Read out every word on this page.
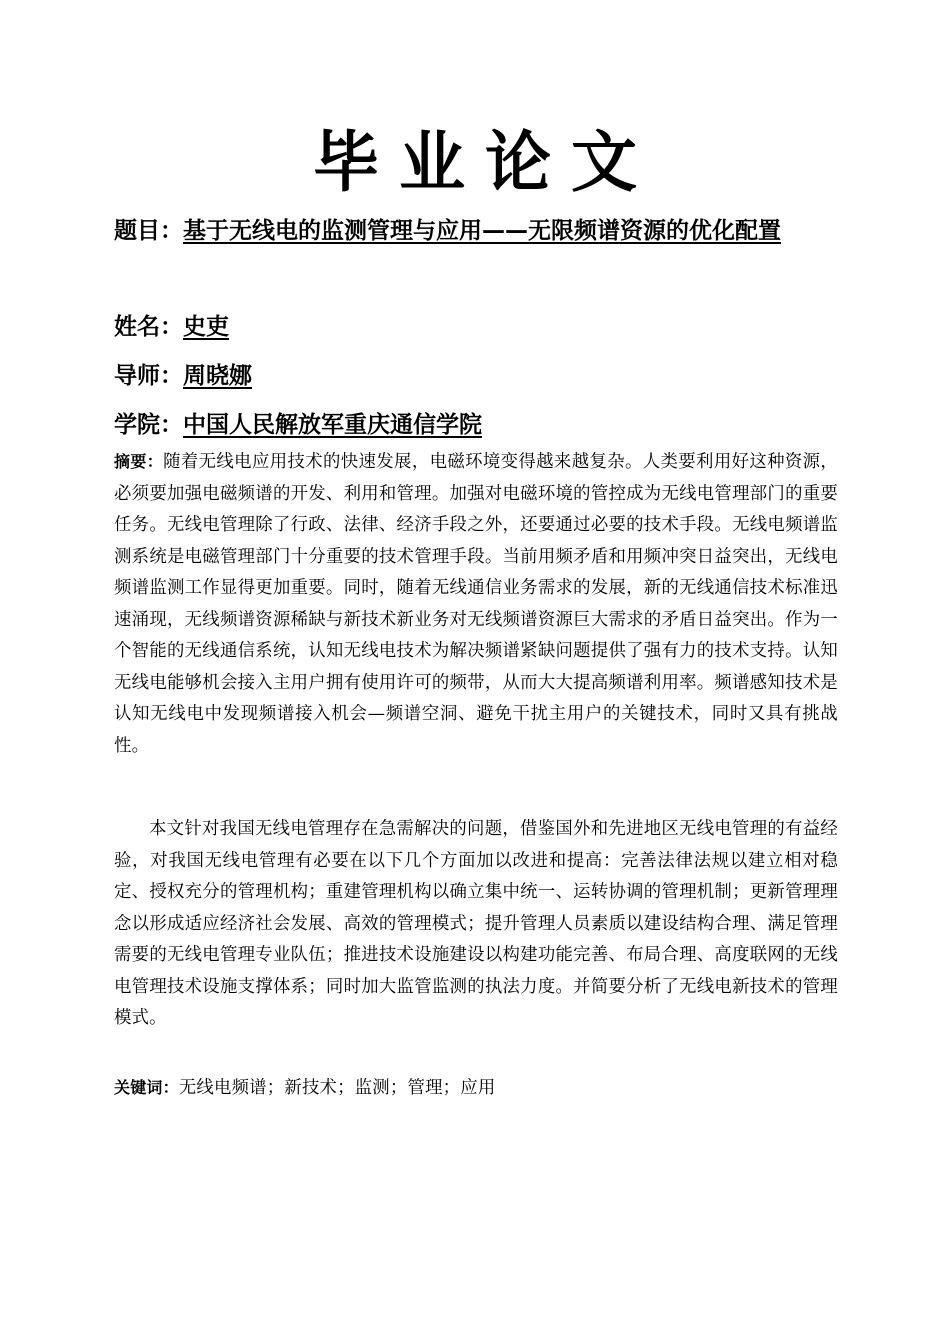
毕业论文
题目：基于无线电的监测管理与应用——无限频谱资源的优化配置
姓名：史吏
导师：周晓娜
学院：中国人民解放军重庆通信学院
摘要：随着无线电应用技术的快速发展，电磁环境变得越来越复杂。人类要利用好这种资源，必须要加强电磁频谱的开发、利用和管理。加强对电磁环境的管控成为无线电管理部门的重要任务。无线电管理除了行政、法律、经济手段之外，还要通过必要的技术手段。无线电频谱监测系统是电磁管理部门十分重要的技术管理手段。当前用频矛盾和用频冲突日益突出，无线电频谱监测工作显得更加重要。同时，随着无线通信业务需求的发展，新的无线通信技术标准迅速涌现，无线频谱资源稀缺与新技术新业务对无线频谱资源巨大需求的矛盾日益突出。作为一个智能的无线通信系统，认知无线电技术为解决频谱紧缺问题提供了强有力的技术支持。认知无线电能够机会接入主用户拥有使用许可的频带，从而大大提高频谱利用率。频谱感知技术是认知无线电中发现频谱接入机会—频谱空洞、避免干扰主用户的关键技术，同时又具有挑战性。
本文针对我国无线电管理存在急需解决的问题，借鉴国外和先进地区无线电管理的有益经验，对我国无线电管理有必要在以下几个方面加以改进和提高：完善法律法规以建立相对稳定、授权充分的管理机构；重建管理机构以确立集中统一、运转协调的管理机制；更新管理理念以形成适应经济社会发展、高效的管理模式；提升管理人员素质以建设结构合理、满足管理需要的无线电管理专业队伍；推进技术设施建设以构建功能完善、布局合理、高度联网的无线电管理技术设施支撑体系；同时加大监管监测的执法力度。并简要分析了无线电新技术的管理模式。
关键词：无线电频谱；新技术；监测；管理；应用
